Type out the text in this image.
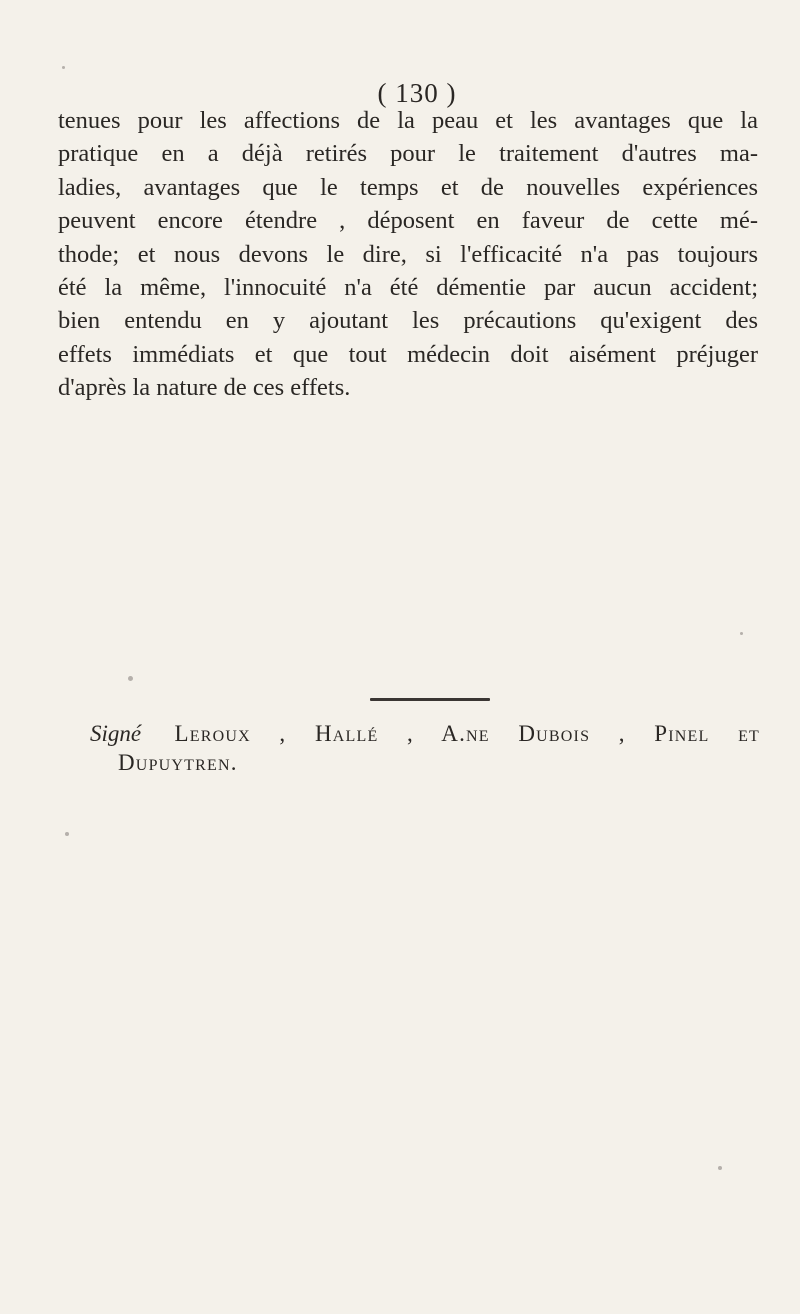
( 130 )
tenues pour les affections de la peau et les avantages que la
pratique en a déjà retirés pour le traitement d'autres ma-
ladies, avantages que le temps et de nouvelles expériences
peuvent encore étendre , déposent en faveur de cette mé-
thode; et nous devons le dire, si l'efficacité n'a pas toujours
été la même, l'innocuité n'a été démentie par aucun accident;
bien entendu en y ajoutant les précautions qu'exigent des
effets immédiats et que tout médecin doit aisément préjuger
d'après la nature de ces effets.
Signé Leroux , Hallé , A.ne Dubois , Pinel et
Dupuytren.
